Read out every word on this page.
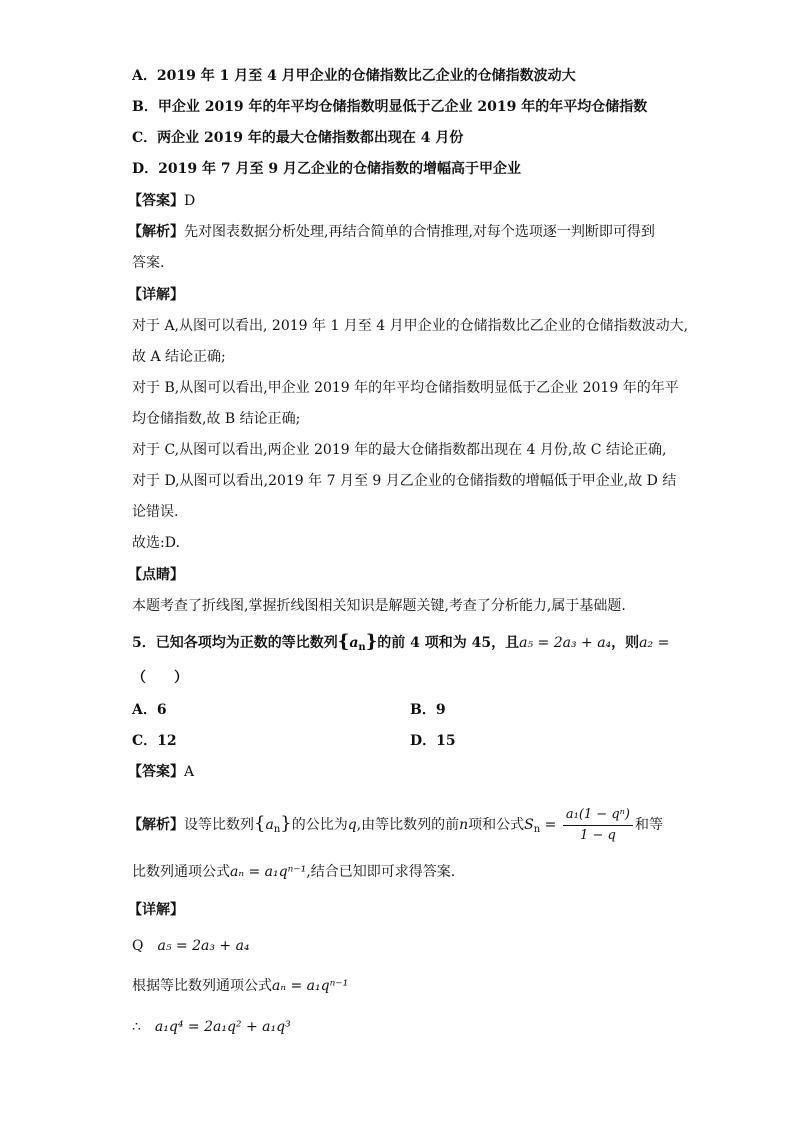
A．2019 年 1 月至 4 月甲企业的仓储指数比乙企业的仓储指数波动大
B．甲企业 2019 年的年平均仓储指数明显低于乙企业 2019 年的年平均仓储指数
C．两企业 2019 年的最大仓储指数都出现在 4 月份
D．2019 年 7 月至 9 月乙企业的仓储指数的增幅高于甲企业
【答案】D
【解析】先对图表数据分析处理,再结合简单的合情推理,对每个选项逐一判断即可得到
答案.
【详解】
对于 A,从图可以看出, 2019 年 1 月至 4 月甲企业的仓储指数比乙企业的仓储指数波动大,
故 A 结论正确;
对于 B,从图可以看出,甲企业 2019 年的年平均仓储指数明显低于乙企业 2019 年的年平
均仓储指数,故 B 结论正确;
对于 C,从图可以看出,两企业 2019 年的最大仓储指数都出现在 4 月份,故 C 结论正确,
对于 D,从图可以看出,2019 年 7 月至 9 月乙企业的仓储指数的增幅低于甲企业,故 D 结
论错误.
故选:D.
【点睛】
本题考查了折线图,掌握折线图相关知识是解题关键,考查了分析能力,属于基础题.
5．已知各项均为正数的等比数列$\{a_n\}$的前 4 项和为 45，且a₅ = 2a₃ + a₄，则a₂ =
（　　）
A．6	B．9
C．12	D．15
【答案】A
【解析】设等比数列$\{a_n\}$的公比为q,由等比数列的前n项和公式$S_n = \frac{\text{a₁(1 − qⁿ)}}{1 - q}$ 和等
比数列通项公式aₙ = a₁qⁿ⁻¹,结合已知即可求得答案.
【详解】
Q a₅ = 2a₃ + a₄
根据等比数列通项公式aₙ = a₁qⁿ⁻¹
∴ a₁q⁴ = 2a₁q² + a₁q³
